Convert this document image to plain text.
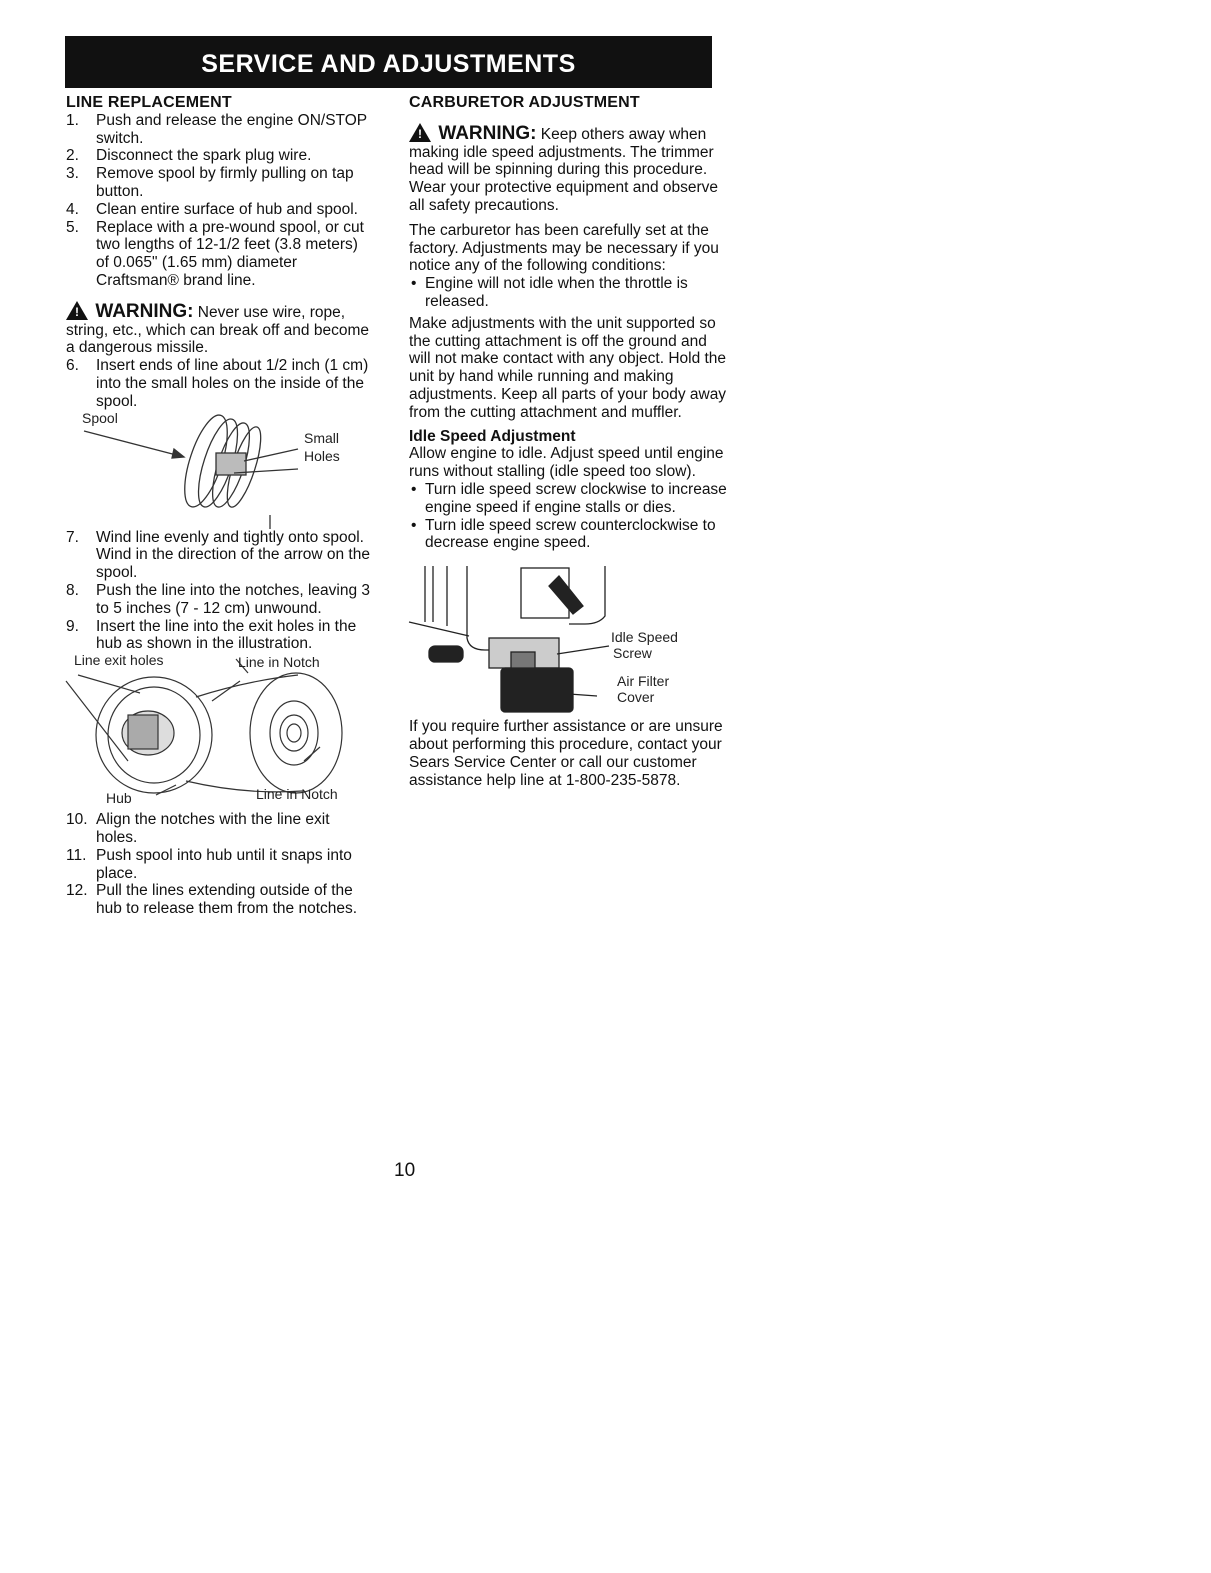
SERVICE AND ADJUSTMENTS
LINE REPLACEMENT
1.	Push and release the engine ON/STOP switch.
2.	Disconnect the spark plug wire.
3.	Remove spool by firmly pulling on tap button.
4.	Clean entire surface of hub and spool.
5.	Replace with a pre-wound spool, or cut two lengths of 12-1/2 feet (3.8 meters) of 0.065" (1.65 mm) diameter Craftsman® brand line.
! WARNING: Never use wire, rope, string, etc., which can break off and become a dangerous missile.
6.	Insert ends of line about 1/2 inch (1 cm) into the small holes on the inside of the spool.
Spool
Small
Holes
7.	Wind line evenly and tightly onto spool. Wind in the direction of the arrow on the spool.
8.	Push the line into the notches, leaving 3 to 5 inches (7 - 12 cm) unwound.
9.	Insert the line into the exit holes in the hub as shown in the illustration.
Line exit holes	Line in Notch
Hub	Line in Notch
10. Align the notches with the line exit holes.
11. Push spool into hub until it snaps into place.
12. Pull the lines extending outside of the hub to release them from the notches.
CARBURETOR ADJUSTMENT
! WARNING: Keep others away when making idle speed adjustments. The trimmer head will be spinning during this procedure. Wear your protective equipment and observe all safety precautions.
The carburetor has been carefully set at the factory. Adjustments may be necessary if you notice any of the following conditions:
• Engine will not idle when the throttle is released.
Make adjustments with the unit supported so the cutting attachment is off the ground and will not make contact with any object. Hold the unit by hand while running and making adjustments. Keep all parts of your body away from the cutting attachment and muffler.
Idle Speed Adjustment
Allow engine to idle. Adjust speed until engine runs without stalling (idle speed too slow).
• Turn idle speed screw clockwise to increase engine speed if engine stalls or dies.
• Turn idle speed screw counterclockwise to decrease engine speed.
Idle Speed
Screw
Air Filter
Cover
If you require further assistance or are unsure about performing this procedure, contact your Sears Service Center or call our customer assistance help line at 1-800-235-5878.
10
